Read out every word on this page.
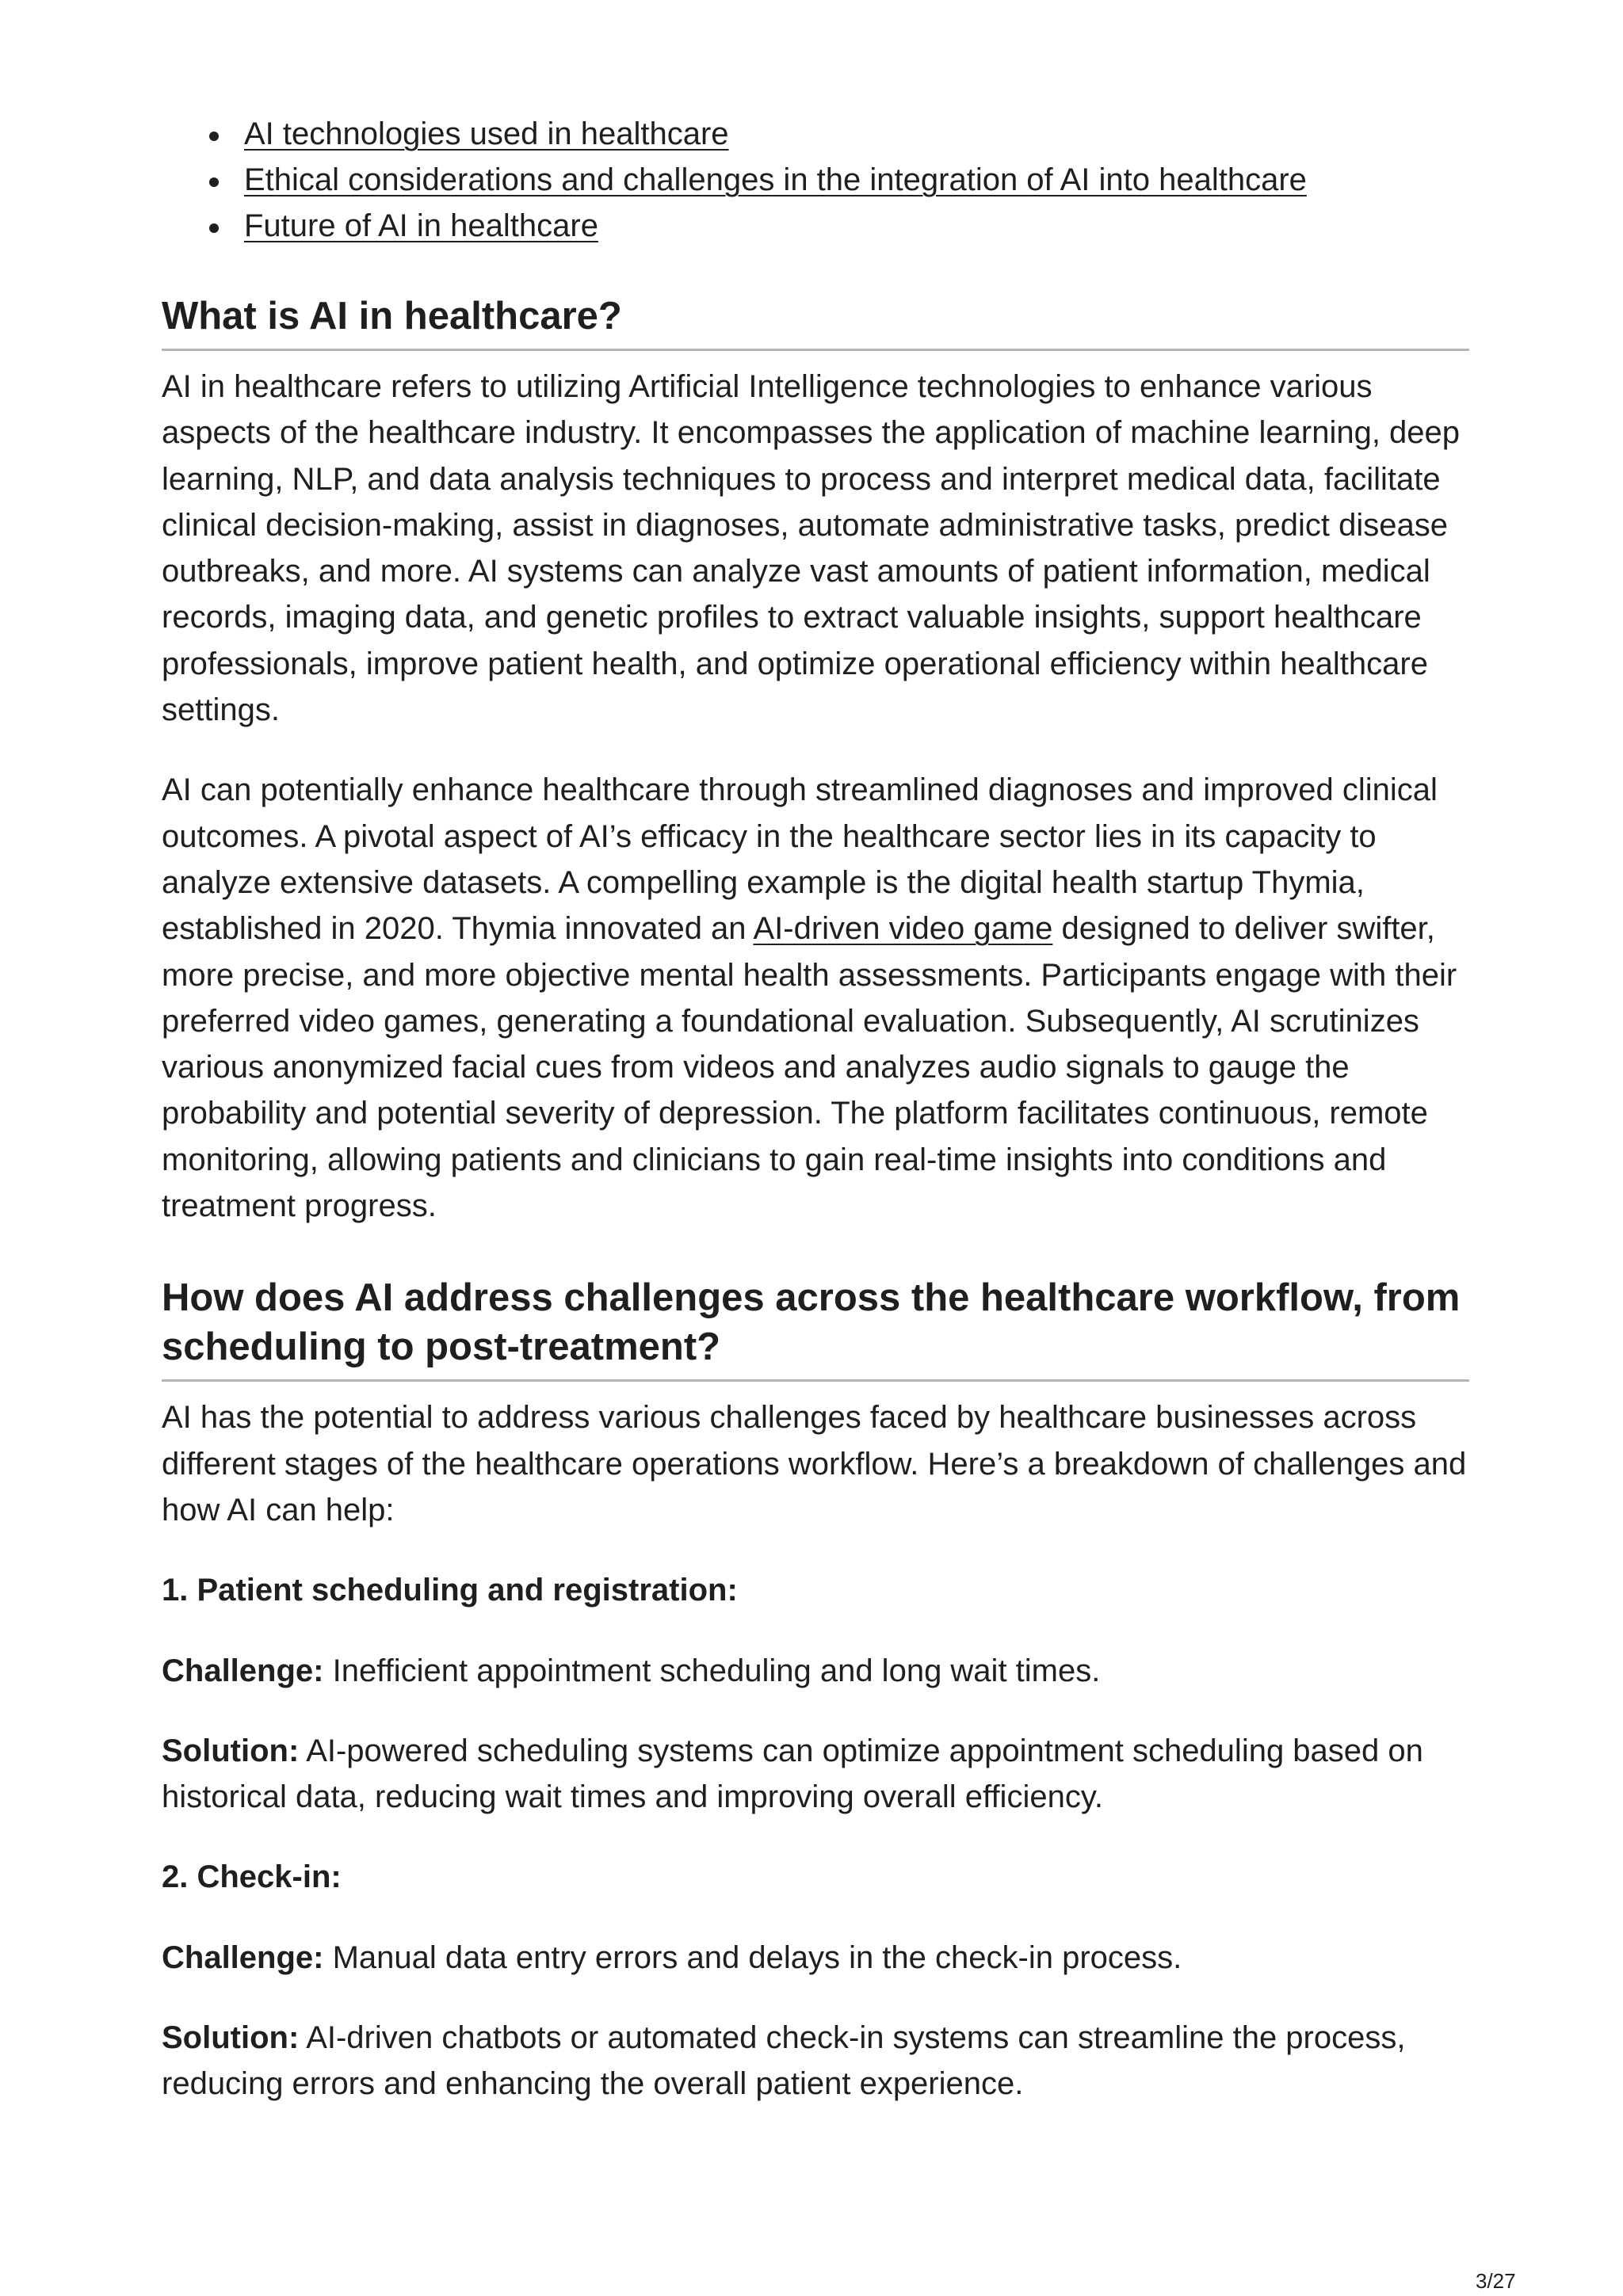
AI technologies used in healthcare
Ethical considerations and challenges in the integration of AI into healthcare
Future of AI in healthcare
What is AI in healthcare?

AI in healthcare refers to utilizing Artificial Intelligence technologies to enhance various aspects of the healthcare industry. It encompasses the application of machine learning, deep learning, NLP, and data analysis techniques to process and interpret medical data, facilitate clinical decision-making, assist in diagnoses, automate administrative tasks, predict disease outbreaks, and more. AI systems can analyze vast amounts of patient information, medical records, imaging data, and genetic profiles to extract valuable insights, support healthcare professionals, improve patient health, and optimize operational efficiency within healthcare settings.

AI can potentially enhance healthcare through streamlined diagnoses and improved clinical outcomes. A pivotal aspect of AI’s efficacy in the healthcare sector lies in its capacity to analyze extensive datasets. A compelling example is the digital health startup Thymia, established in 2020. Thymia innovated an AI-driven video game designed to deliver swifter, more precise, and more objective mental health assessments. Participants engage with their preferred video games, generating a foundational evaluation. Subsequently, AI scrutinizes various anonymized facial cues from videos and analyzes audio signals to gauge the probability and potential severity of depression. The platform facilitates continuous, remote monitoring, allowing patients and clinicians to gain real-time insights into conditions and treatment progress.

How does AI address challenges across the healthcare workflow, from scheduling to post-treatment?

AI has the potential to address various challenges faced by healthcare businesses across different stages of the healthcare operations workflow. Here’s a breakdown of challenges and how AI can help:

1. Patient scheduling and registration:

Challenge: Inefficient appointment scheduling and long wait times.

Solution: AI-powered scheduling systems can optimize appointment scheduling based on historical data, reducing wait times and improving overall efficiency.

2. Check-in:

Challenge: Manual data entry errors and delays in the check-in process.

Solution: AI-driven chatbots or automated check-in systems can streamline the process, reducing errors and enhancing the overall patient experience.

3/27
